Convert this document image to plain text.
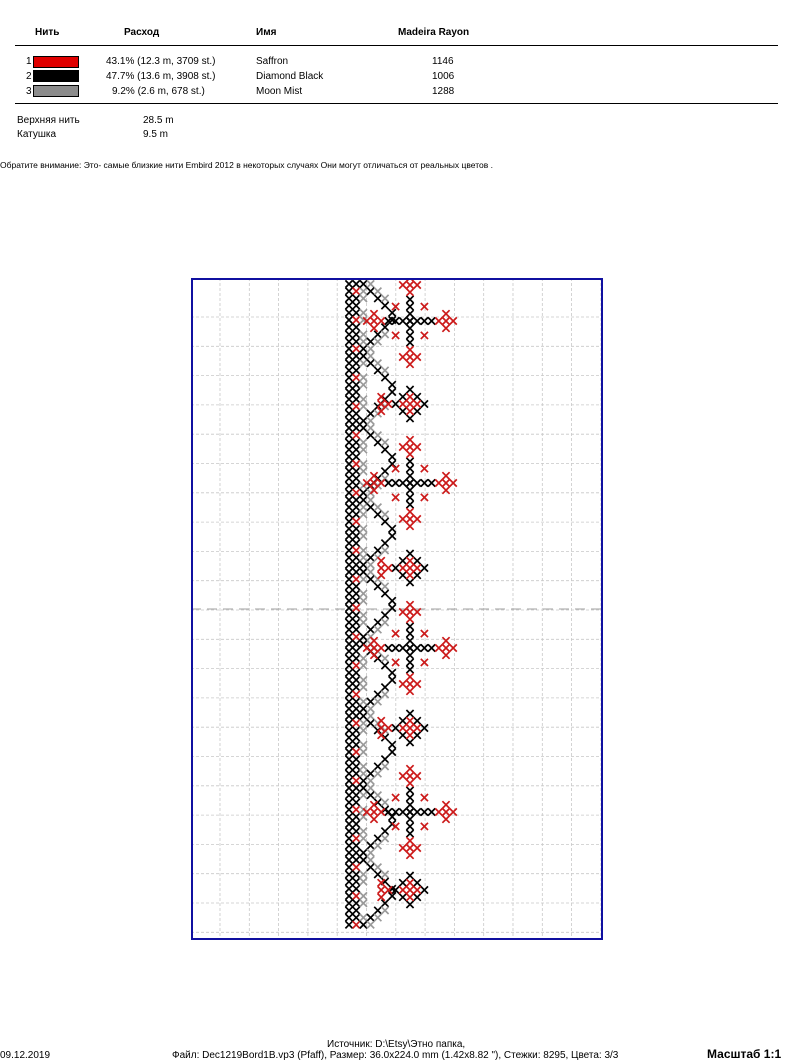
Нить	Расход	Имя	Madeira Rayon
1	43.1% (12.3 m, 3709 st.)	Saffron	1146
2	47.7% (13.6 m, 3908 st.)	Diamond Black	1006
3	9.2% (2.6 m, 678 st.)	Moon Mist	1288
Верхняя нить	28.5 m
Катушка	9.5 m
Обратите внимание: Это- самые близкие нити Embird 2012 в некоторых случаях Они могут отличаться от реальных цветов .
Источник: D:\Etsy\Этно папка,
09.12.2019	Файл: Dec1219Bord1B.vp3 (Pfaff), Размер: 36.0x224.0 mm (1.42x8.82 "), Стежки: 8295, Цвета: 3/3	Масштаб 1:1
